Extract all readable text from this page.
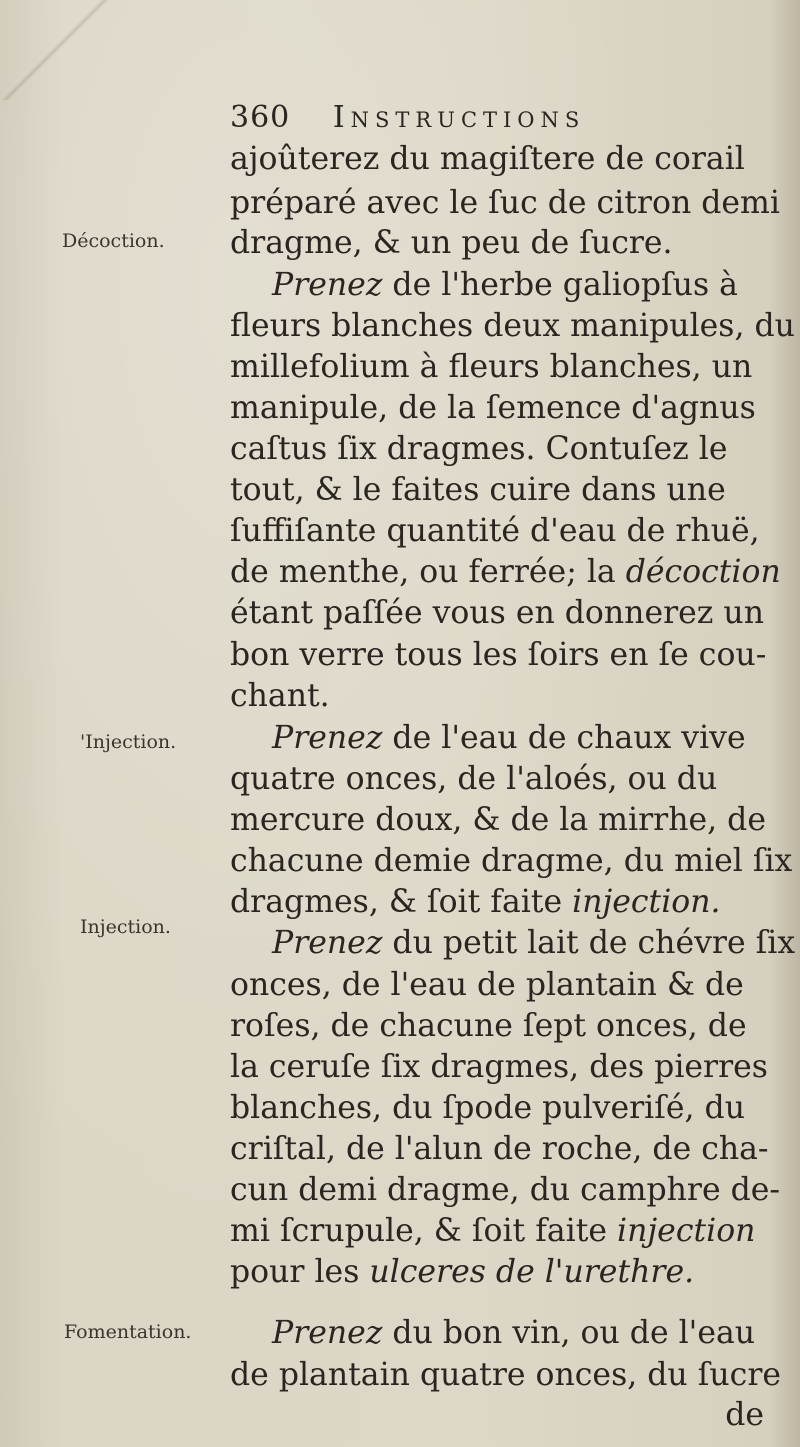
360 Instructions
Décoction.
'Injection.
Injection.
Fomentation.
ajoûterez du magiſtere de corail
préparé avec le ſuc de citron demi
dragme, & un peu de ſucre.
Prenez de l'herbe galiopſus à
fleurs blanches deux manipules, du
millefolium à fleurs blanches, un
manipule, de la ſemence d'agnus
caſtus ſix dragmes. Contuſez le
tout, & le faites cuire dans une
ſuffiſante quantité d'eau de rhuë,
de menthe, ou ferrée; la décoction
étant paſſée vous en donnerez un
bon verre tous les ſoirs en ſe cou-
chant.
Prenez de l'eau de chaux vive
quatre onces, de l'aloés, ou du
mercure doux, & de la mirrhe, de
chacune demie dragme, du miel ſix
dragmes, & ſoit faite injection.
Prenez du petit lait de chévre ſix
onces, de l'eau de plantain & de
roſes, de chacune ſept onces, de
la ceruſe ſix dragmes, des pierres
blanches, du ſpode pulveriſé, du
criſtal, de l'alun de roche, de cha-
cun demi dragme, du camphre de-
mi ſcrupule, & ſoit faite injection
pour les ulceres de l'urethre.
Prenez du bon vin, ou de l'eau
de plantain quatre onces, du ſucre
de
